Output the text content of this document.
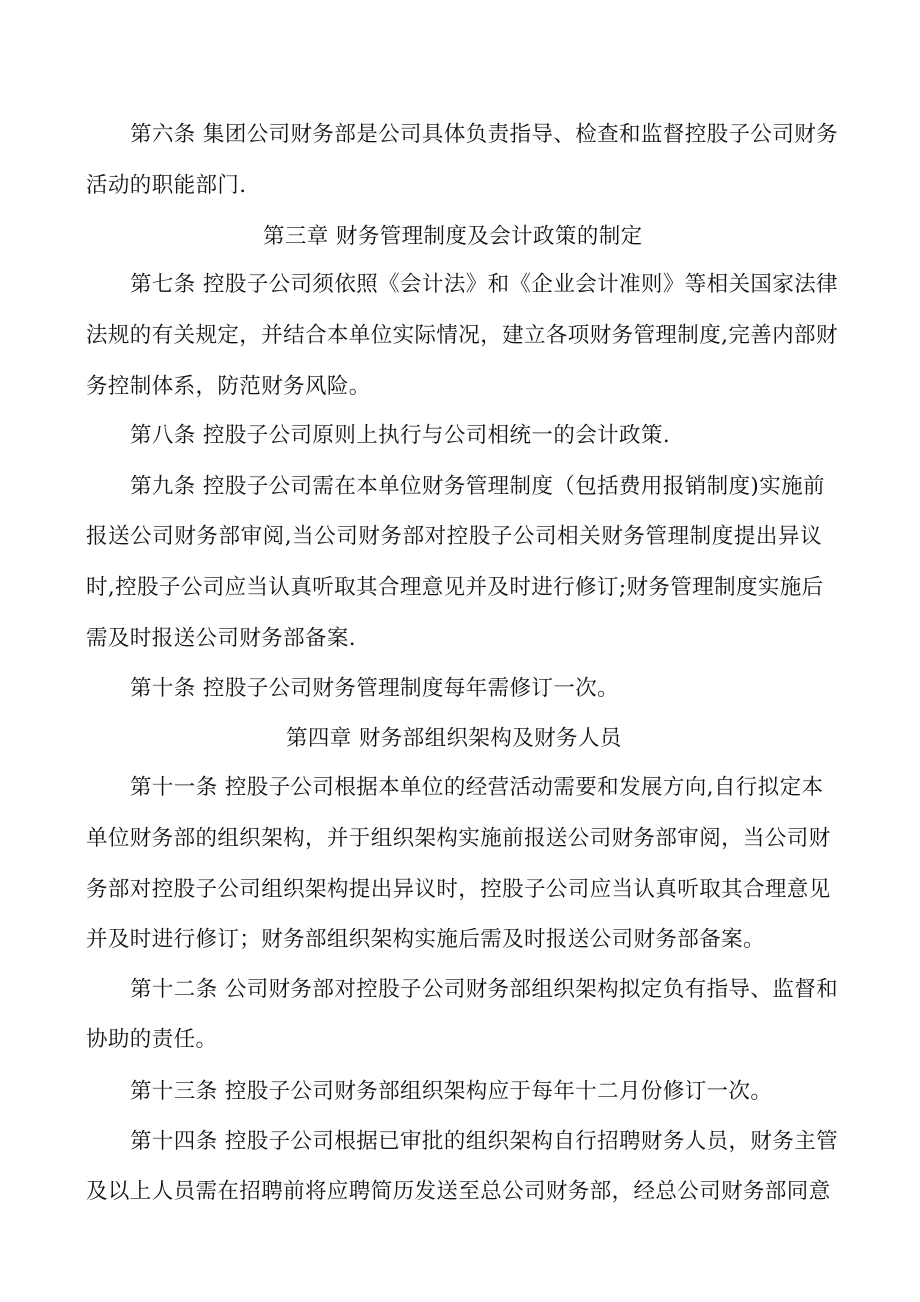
第六条 集团公司财务部是公司具体负责指导、检查和监督控股子公司财务
活动的职能部门.
第三章 财务管理制度及会计政策的制定
第七条 控股子公司须依照《会计法》和《企业会计准则》等相关国家法律
法规的有关规定，并结合本单位实际情况，建立各项财务管理制度,完善内部财
务控制体系，防范财务风险。
第八条 控股子公司原则上执行与公司相统一的会计政策.
第九条 控股子公司需在本单位财务管理制度（包括费用报销制度)实施前
报送公司财务部审阅,当公司财务部对控股子公司相关财务管理制度提出异议
时,控股子公司应当认真听取其合理意见并及时进行修订;财务管理制度实施后
需及时报送公司财务部备案.
第十条 控股子公司财务管理制度每年需修订一次。
第四章 财务部组织架构及财务人员
第十一条 控股子公司根据本单位的经营活动需要和发展方向,自行拟定本
单位财务部的组织架构，并于组织架构实施前报送公司财务部审阅，当公司财
务部对控股子公司组织架构提出异议时，控股子公司应当认真听取其合理意见
并及时进行修订；财务部组织架构实施后需及时报送公司财务部备案。
第十二条 公司财务部对控股子公司财务部组织架构拟定负有指导、监督和
协助的责任。
第十三条 控股子公司财务部组织架构应于每年十二月份修订一次。
第十四条 控股子公司根据已审批的组织架构自行招聘财务人员，财务主管
及以上人员需在招聘前将应聘简历发送至总公司财务部，经总公司财务部同意
